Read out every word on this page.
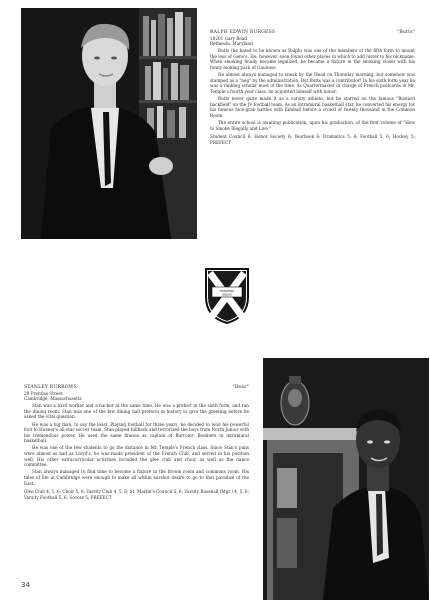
RALPH EDWIN BURGESS	"Butts"
10201 Gary Road
Bethesda, Maryland

Butts (he hated to be known as Ralph) was one of the members of the fifth form to mount the loss of Geno's. He, however, soon found other places in which to add luster to his nickname. When smoking finally became legalized, he became a fixture in the smoking closet with his funny-looking pack of Gauloise.

He almost always managed to sneak by the Head on Thursday morning, but somehow was stamped as a "neg" by the administration. But Butts was a contributor! In his sixth form year he was a ranking scholar most of the time. As Quartermaster in charge of French postcards in Mr. Temple's fourth year class, he acquitted himself with honor.

Butts never quite made it as a varsity athlete, but he starred on the famous "Bustard backfield" on the JV football team. As an intramural basketball star, he converted his energy for his famous face-grab battles with Kimball before a crowd of twenty thousand in the Common Room.

The entire school is awaiting publication, upon his graduation, of the first volume of "How to Smoke Illegally and Live."

Student Council 6; Honor Society 6; Yearbook 6; Dramatics 5, 6; Football 5, 6; Hockey 5; PREFECT

NOBLESSE
OBLIGE
STANLEY BURROWS	"Bear"
29 Prentiss Street
Cambridge, Massachusetts

Stan was a hard worker and a hacker at the same time. He was a prefect in the sixth form, and ran the dining room. Stan was one of the few dining hall prefects in history to give the greeting before he asked the vital question.

He was a big man, to say the least. Playing football for three years, he decided to lend his powerful foot to Husner's all-star soccer team. Stan played fullback and terrorized the boys from North Junior with his tremendous power. He used the same finesse as captain of Burrows' Bombers in intramural basketball.

He was one of the few students to go the distance in Mr. Temple's French class. Since Stan's puns were almost as bad as Lloyd's, he was made president of the French Club, and served in his position well. His other extracurricular activities included the glee club and choir, as well as the dance committee.

Stan always managed to find time to become a fixture in the broom room and commons room. His tales of life in Cambridge were enough to make all within earshot desire to go to that paradise of the East.

Glee Club 4, 5, 6; Choir 5, 6; Varsity Club 4, 5, 6; St. Martin's Council 5, 6; Varsity Baseball (Mgr.) 4, 5, 6; Varsity Football 5, 6; Soccer 5; PREFECT

34
